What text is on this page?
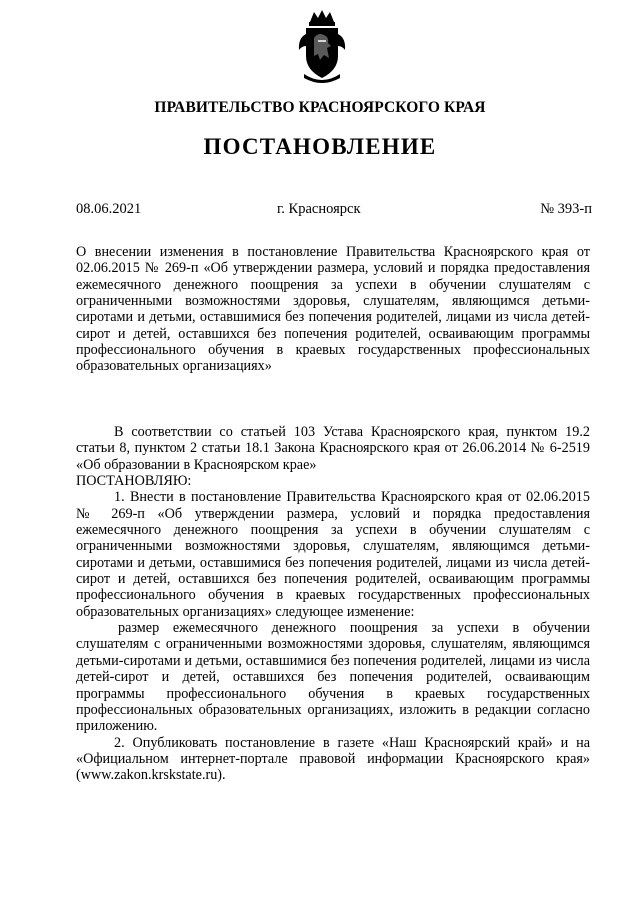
ПРАВИТЕЛЬСТВО КРАСНОЯРСКОГО КРАЯ
ПОСТАНОВЛЕНИЕ
08.06.2021	г. Красноярск	№ 393-п

О внесении изменения в постановление Правительства Красноярского края от 02.06.2015 № 269-п «Об утверждении размера, условий и порядка предоставления ежемесячного денежного поощрения за успехи в обучении слушателям с ограниченными возможностями здоровья, слушателям, являющимся детьми-сиротами и детьми, оставшимися без попечения родителей, лицами из числа детей-сирот и детей, оставшихся без попечения родителей, осваивающим программы профессионального обучения в краевых государственных профессиональных образовательных организациях»

В соответствии со статьей 103 Устава Красноярского края, пунктом 19.2 статьи 8, пунктом 2 статьи 18.1 Закона Красноярского края от 26.06.2014 № 6-2519 «Об образовании в Красноярском крае»

ПОСТАНОВЛЯЮ:

1. Внести в постановление Правительства Красноярского края от 02.06.2015 № 269-п «Об утверждении размера, условий и порядка предоставления ежемесячного денежного поощрения за успехи в обучении слушателям с ограниченными возможностями здоровья, слушателям, являющимся детьми-сиротами и детьми, оставшимися без попечения родителей, лицами из числа детей-сирот и детей, оставшихся без попечения родителей, осваивающим программы профессионального обучения в краевых государственных профессиональных образовательных организациях» следующее изменение:

размер ежемесячного денежного поощрения за успехи в обучении слушателям с ограниченными возможностями здоровья, слушателям, являющимся детьми-сиротами и детьми, оставшимися без попечения родителей, лицами из числа детей-сирот и детей, оставшихся без попечения родителей, осваивающим программы профессионального обучения в краевых государственных профессиональных образовательных организациях, изложить в редакции согласно приложению.

2. Опубликовать постановление в газете «Наш Красноярский край» и на «Официальном интернет-портале правовой информации Красноярского края» (www.zakon.krskstate.ru).
